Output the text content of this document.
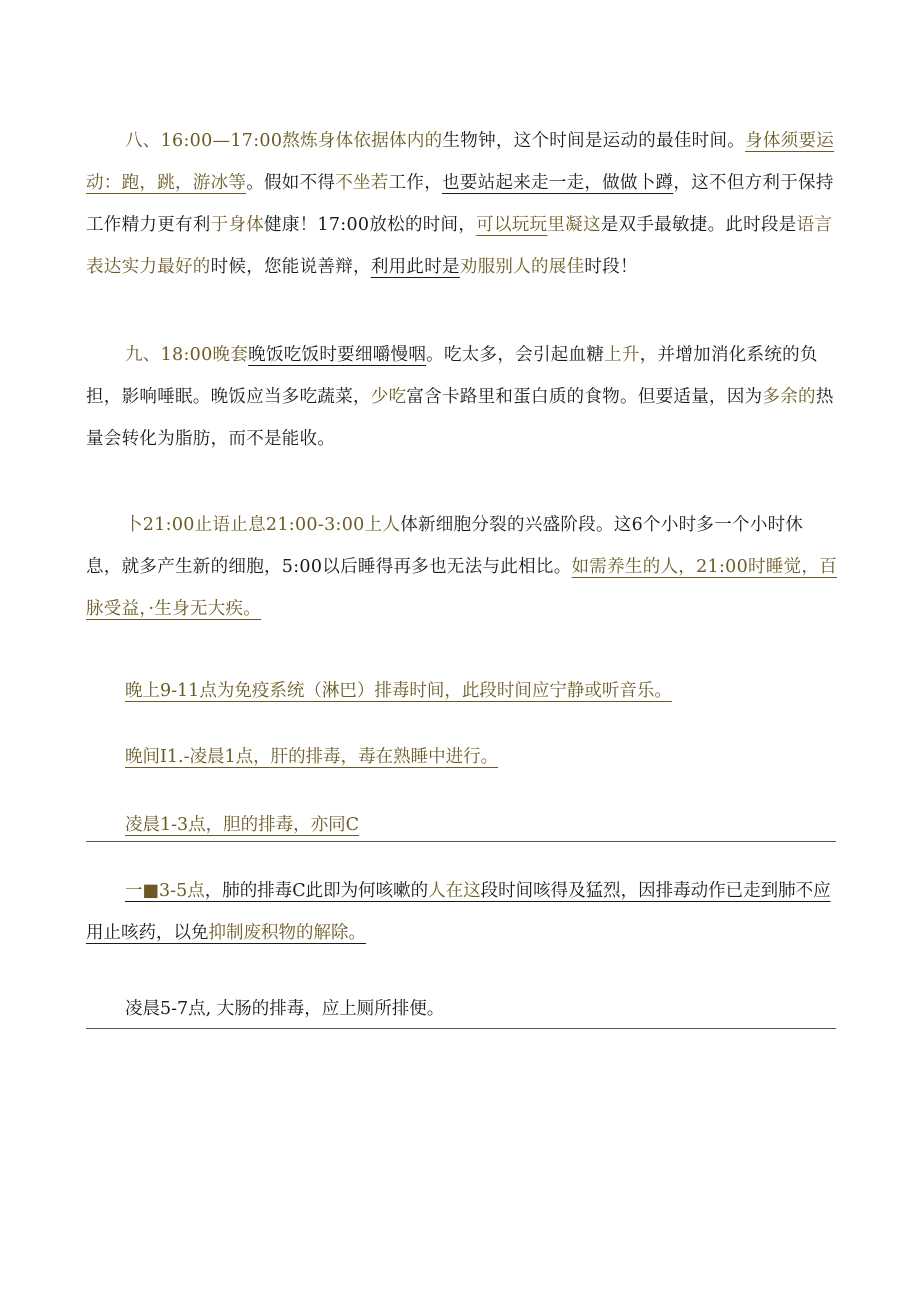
八、16:00—17:00熬炼身体依据体内的生物钟，这个时间是运动的最佳时间。身体须要运动：跑，跳，游冰等。假如不得不坐若工作，也要站起来走一走，做做卜蹲，这不但方利于保持工作精力更有利于身体健康！17:00放松的时间，可以玩玩里凝这是双手最敏捷。此时段是语言表达实力最好的时候，您能说善辩，利用此时是劝服别人的展佳时段！

九、18:00晚套晚饭吃饭时要细嚼慢咽。吃太多，会引起血糖上升，并增加消化系统的负担，影响唾眠。晚饭应当多吃蔬菜，少吃富含卡路里和蛋白质的食物。但要适量，因为多余的热量会转化为脂肪，而不是能收。

卜21:00止语止息21:00-3:00上人体新细胞分裂的兴盛阶段。这6个小时多一个小时休息，就多产生新的细胞，5:00以后睡得再多也无法与此相比。如需养生的人，21:00时睡觉，百脉受益，·生身无大疾。

晚上9-11点为免疫系统（淋巴）排毒时间，此段时间应宁静或听音乐。

晚间I1.-凌晨1点，肝的排毒，毒在熟睡中进行。

凌晨1-3点，胆的排毒，亦同C

一■3-5点，肺的排毒C此即为何咳嗽的人在这段时间咳得及猛烈，因排毒动作已走到肺不应用止咳药，以免抑制废积物的解除。

凌晨5-7点, 大肠的排毒，应上厕所排便。
